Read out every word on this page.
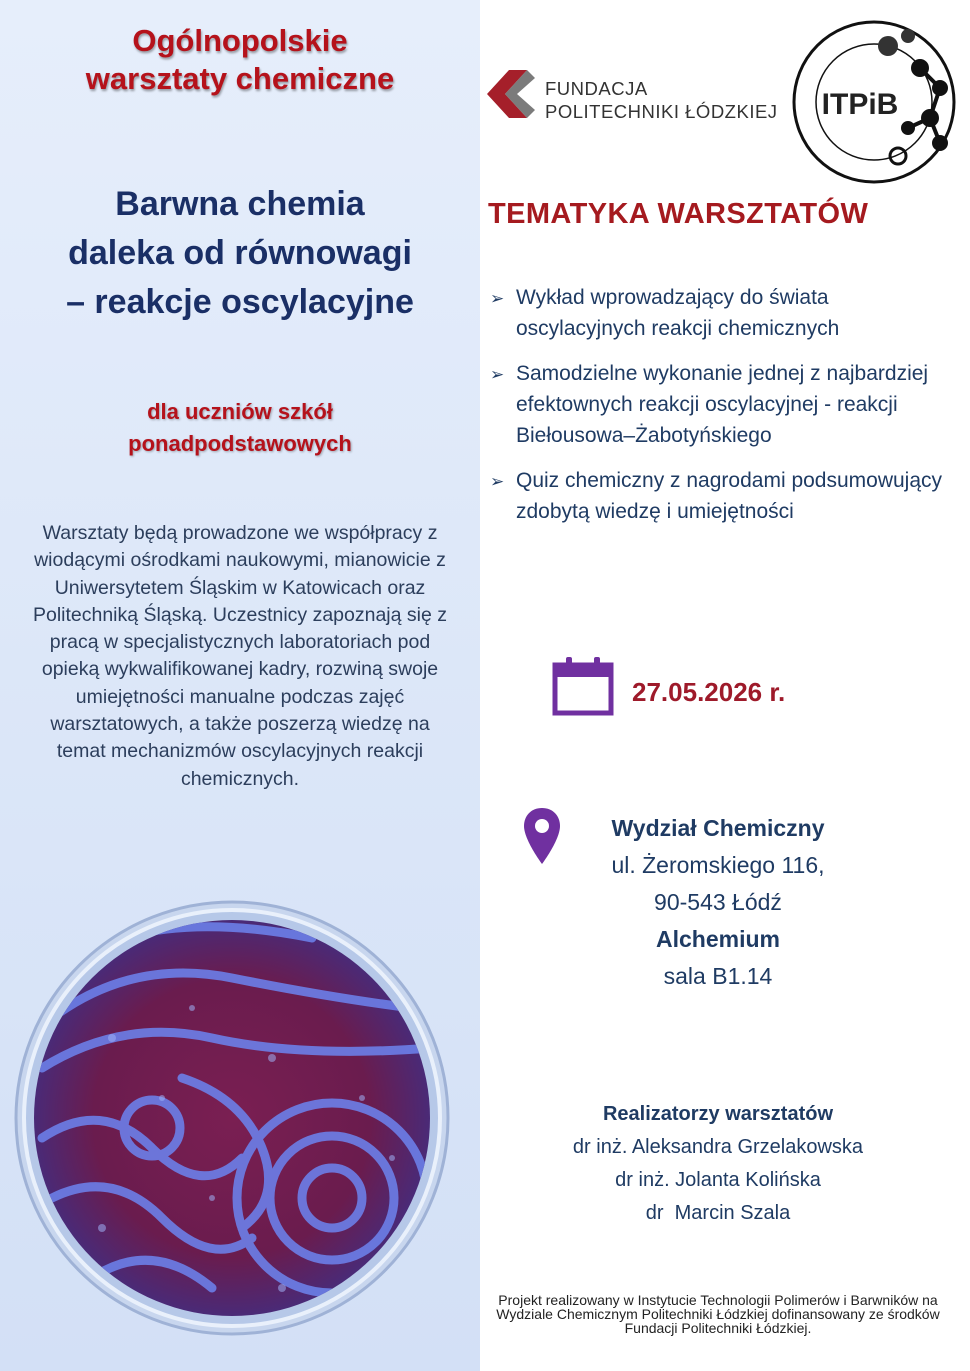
Ogólnopolskie
warsztaty chemiczne
Barwna chemia
daleka od równowagi
– reakcje oscylacyjne
dla uczniów szkół
ponadpodstawowych
Warsztaty będą prowadzone we współpracy z wiodącymi ośrodkami naukowymi, mianowicie z Uniwersytetem Śląskim w Katowicach oraz Politechniką Śląską. Uczestnicy zapoznają się z pracą w specjalistycznych laboratoriach pod opieką wykwalifikowanej kadry, rozwiną swoje umiejętności manualne podczas zajęć warsztatowych, a także poszerzą wiedzę na temat mechanizmów oscylacyjnych reakcji chemicznych.
FUNDACJA
POLITECHNIKI ŁÓDZKIEJ ITPiB
TEMATYKA WARSZTATÓW
➢ Wykład wprowadzający do świata oscylacyjnych reakcji chemicznych
➢ Samodzielne wykonanie jednej z najbardziej efektownych reakcji oscylacyjnej - reakcji Biełousowa–Żabotyńskiego
➢ Quiz chemiczny z nagrodami podsumowujący zdobytą wiedzę i umiejętności
27.05.2026 r.
Wydział Chemiczny
ul. Żeromskiego 116,
90-543 Łódź
Alchemium
sala B1.14
Realizatorzy warsztatów
dr inż. Aleksandra Grzelakowska
dr inż. Jolanta Kolińska
dr  Marcin Szala
Projekt realizowany w Instytucie Technologii Polimerów i Barwników na Wydziale Chemicznym Politechniki Łódzkiej dofinansowany ze środków Fundacji Politechniki Łódzkiej.
